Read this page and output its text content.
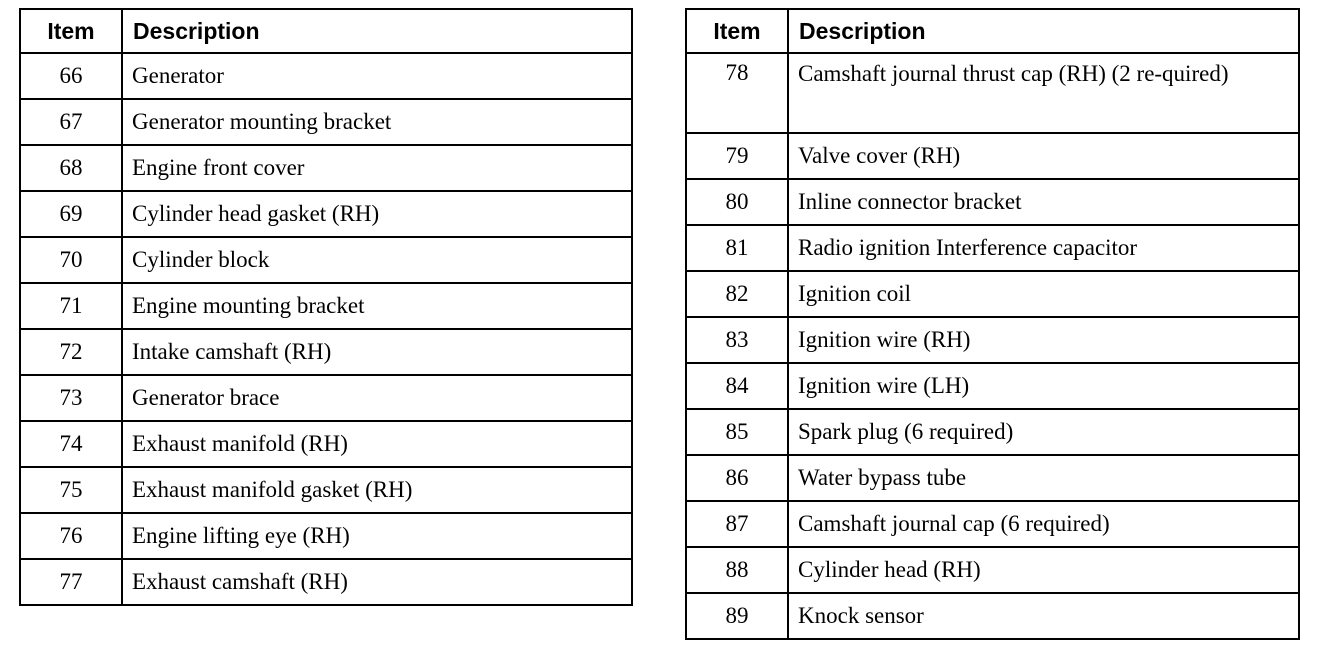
Item	Description
66	Generator
67	Generator mounting bracket
68	Engine front cover
69	Cylinder head gasket (RH)
70	Cylinder block
71	Engine mounting bracket
72	Intake camshaft (RH)
73	Generator brace
74	Exhaust manifold (RH)
75	Exhaust manifold gasket (RH)
76	Engine lifting eye (RH)
77	Exhaust camshaft (RH)
Item	Description
78	Camshaft journal thrust cap (RH) (2 re-quired)
79	Valve cover (RH)
80	Inline connector bracket
81	Radio ignition Interference capacitor
82	Ignition coil
83	Ignition wire (RH)
84	Ignition wire (LH)
85	Spark plug (6 required)
86	Water bypass tube
87	Camshaft journal cap (6 required)
88	Cylinder head (RH)
89	Knock sensor
